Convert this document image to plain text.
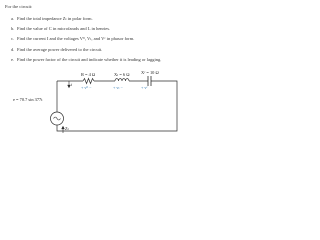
For the circuit:
a. Find the total impedance Zₜ in polar form.
b. Find the value of C in microfarads and L in henries.
c. Find the current I and the voltages Vᴿ, Vₗ, and Vᶜ in phasor form.
d. Find the average power delivered to the circuit.
e. Find the power factor of the circuit and indicate whether it is leading or lagging.
R = 4 Ω	Xₗ = 6 Ω	Xᶜ = 10 Ω
+ vᴿ −	+ vₗ −	+ vᶜ
e = 70.7 sin 377t
i
Zₜ
